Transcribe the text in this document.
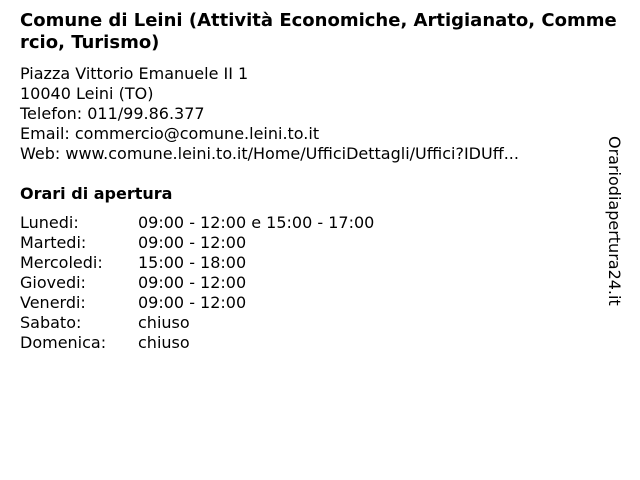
Comune di Leini (Attività Economiche, Artigianato, Commercio, Turismo)
Piazza Vittorio Emanuele II 1
10040 Leini (TO)
Telefon: 011/99.86.377
Email: commercio@comune.leini.to.it
Web: www.comune.leini.to.it/Home/UfficiDettagli/Uffici?IDUff...
Orari di apertura
Lunedi:	09:00 - 12:00 e 15:00 - 17:00
Martedi:	09:00 - 12:00
Mercoledi:	15:00 - 18:00
Giovedi:	09:00 - 12:00
Venerdi:	09:00 - 12:00
Sabato:	chiuso
Domenica:	chiuso
Orariodiapertura24.it
